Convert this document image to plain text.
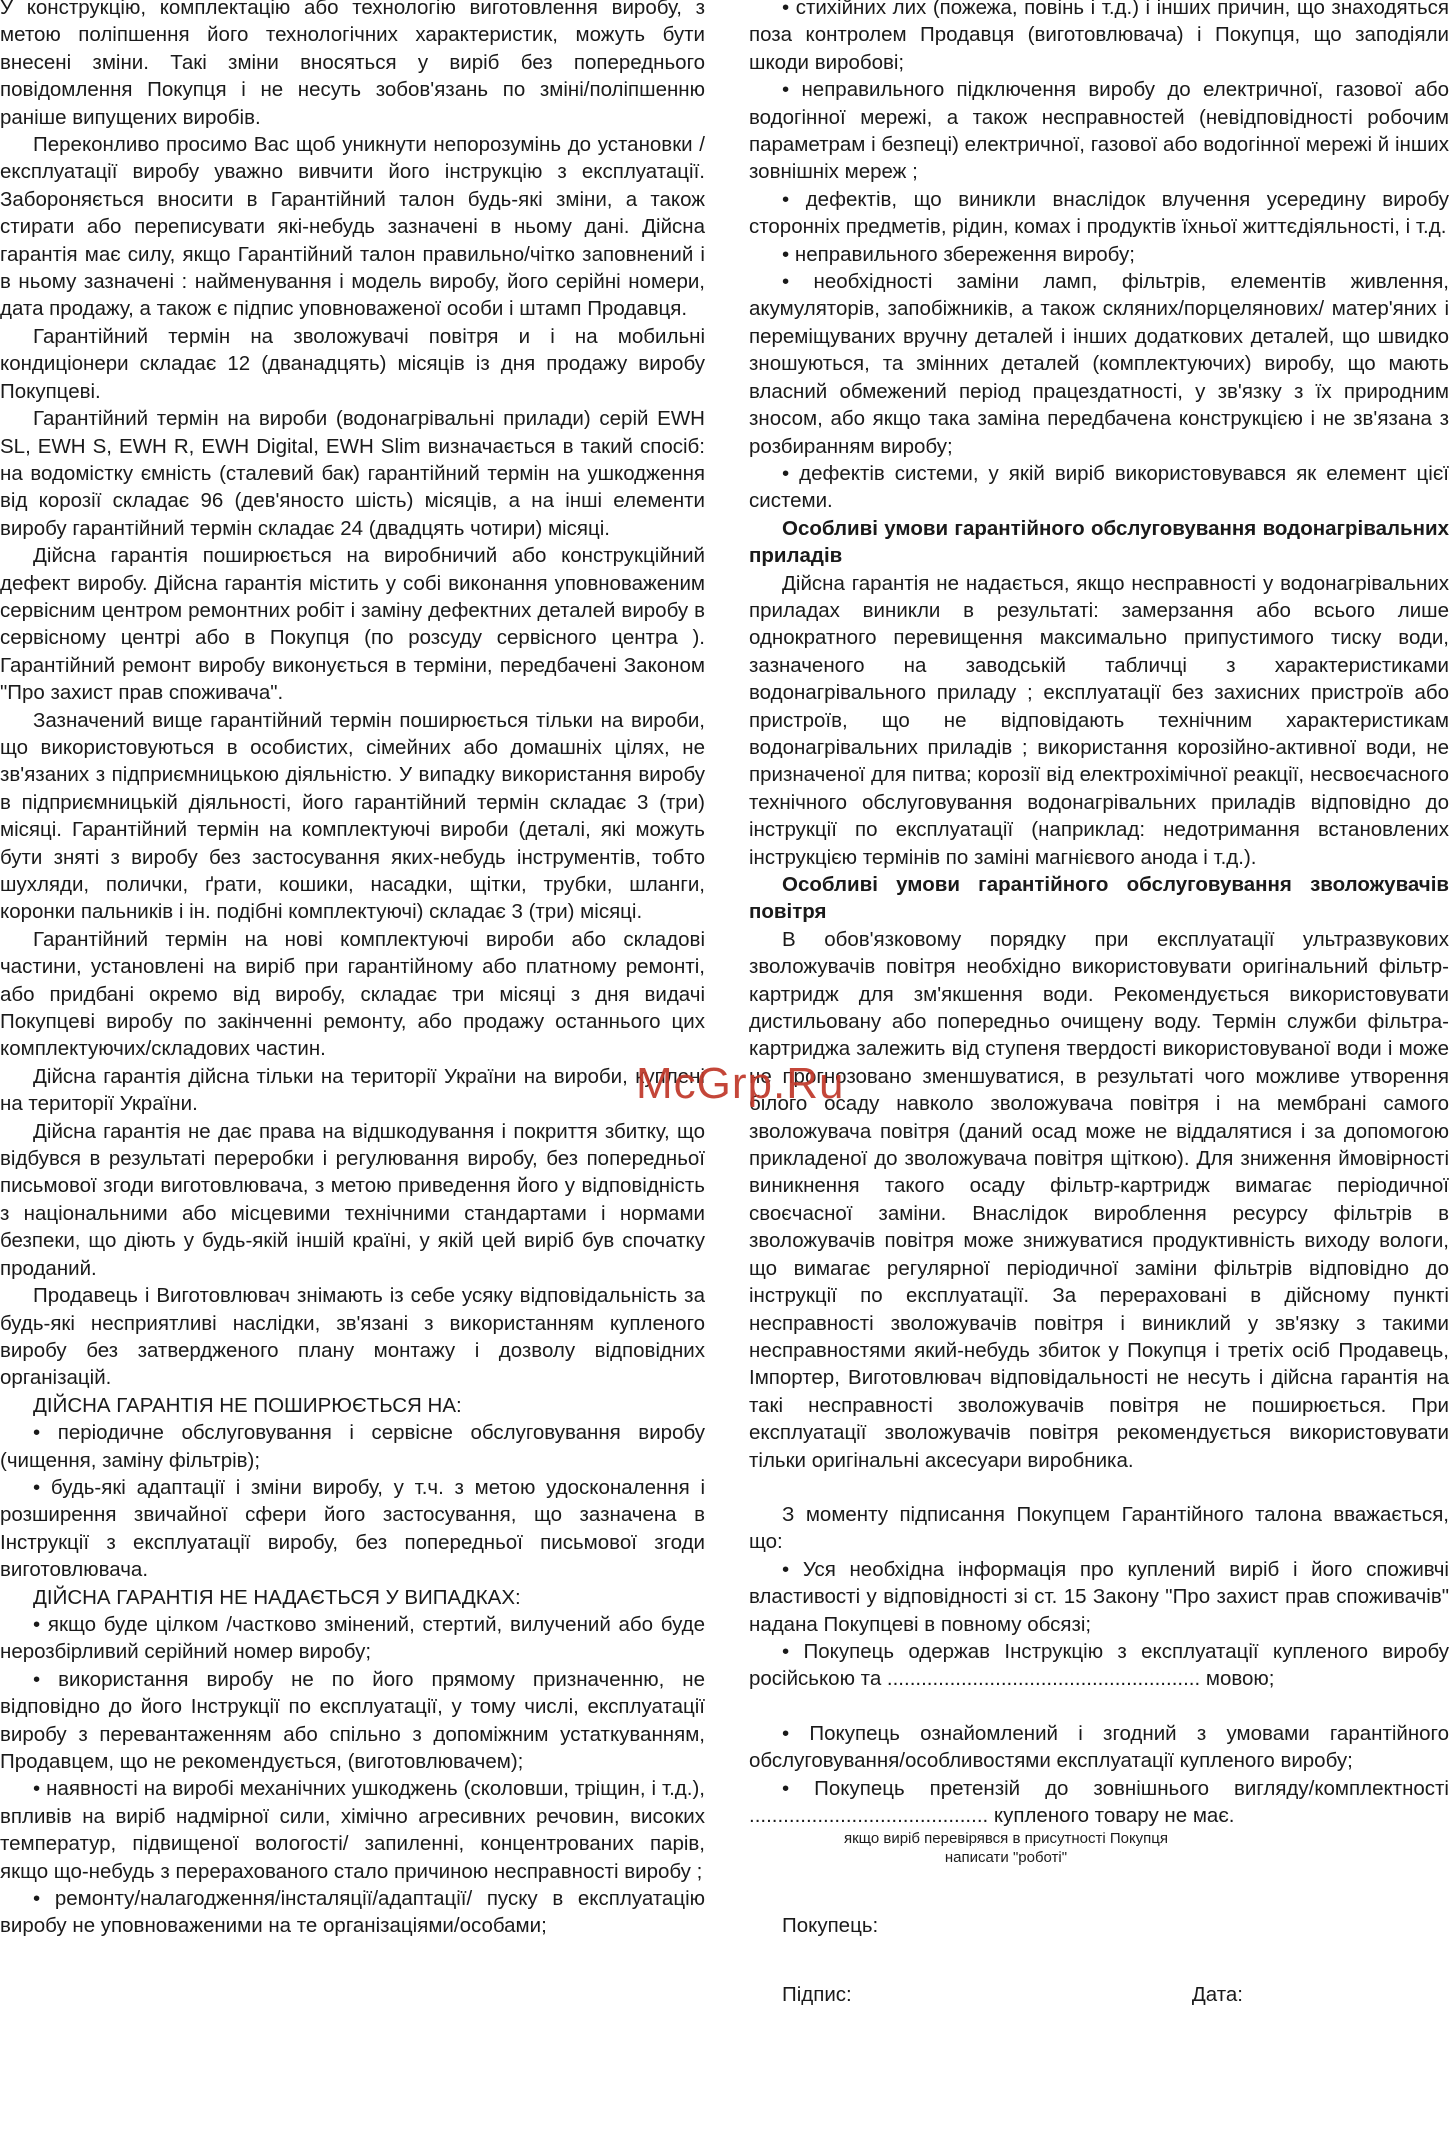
У конструкцію, комплектацію або технологію виготовлення виробу, з метою поліпшення його технологічних характеристик, можуть бути внесені зміни. Такі зміни вносяться у виріб без попереднього повідомлення Покупця і не несуть зобов'язань по зміні/поліпшенню раніше випущених виробів.

Переконливо просимо Вас щоб уникнути непорозумінь до установки /експлуатації виробу уважно вивчити його інструкцію з експлуатації. Забороняється вносити в Гарантійний талон будь-які зміни, а також стирати або переписувати які-небудь зазначені в ньому дані. Дійсна гарантія має силу, якщо Гарантійний талон правильно/чітко заповнений і в ньому зазначені : найменування і модель виробу, його серійні номери, дата продажу, а також є підпис уповноваженої особи і штамп Продавця.

Гарантійний термін на зволожувачі повітря и і на мобильні кондиціонери складає 12 (дванадцять) місяців із дня продажу виробу Покупцеві.

Гарантійний термін на вироби (водонагрівальні прилади) серій EWH SL, EWH S, EWH R, EWH Digital, EWH Slim визначається в такий спосіб: на водомістку ємність (сталевий бак) гарантійний термін на ушкодження від корозії складає 96 (дев'яносто шість) місяців, а на інші елементи виробу гарантійний термін складає 24 (двадцять чотири) місяці.

Дійсна гарантія поширюється на виробничий або конструкційний дефект виробу. Дійсна гарантія містить у собі виконання уповноваженим сервісним центром ремонтних робіт і заміну дефектних деталей виробу в сервісному центрі або в Покупця (по розсуду сервісного центра ). Гарантійний ремонт виробу виконується в терміни, передбачені Законом "Про захист прав споживача".

Зазначений вище гарантійний термін поширюється тільки на вироби, що використовуються в особистих, сімейних або домашніх цілях, не зв'язаних з підприємницькою діяльністю. У випадку використання виробу в підприємницькій діяльності, його гарантійний термін складає 3 (три) місяці. Гарантійний термін на комплектуючі вироби (деталі, які можуть бути зняті з виробу без застосування яких-небудь інструментів, тобто шухляди, полички, ґрати, кошики, насадки, щітки, трубки, шланги, коронки пальників і ін. подібні комплектуючі) складає 3 (три) місяці.

Гарантійний термін на нові комплектуючі вироби або складові частини, установлені на виріб при гарантійному або платному ремонті, або придбані окремо від виробу, складає три місяці з дня видачі Покупцеві виробу по закінченні ремонту, або продажу останнього цих комплектуючих/складових частин.

Дійсна гарантія дійсна тільки на території України на вироби, куплені на території України.

Дійсна гарантія не дає права на відшкодування і покриття збитку, що відбувся в результаті переробки і регулювання виробу, без попередньої письмової згоди виготовлювача, з метою приведення його у відповідність з національними або місцевими технічними стандартами і нормами безпеки, що діють у будь-якій іншій країні, у якій цей виріб був спочатку проданий.

Продавець і Виготовлювач знімають із себе усяку відповідальність за будь-які несприятливі наслідки, зв'язані з використанням купленого виробу без затвердженого плану монтажу і дозволу відповідних організацій.

ДІЙСНА ГАРАНТІЯ НЕ ПОШИРЮЄТЬСЯ НА:

• періодичне обслуговування і сервісне обслуговування виробу (чищення, заміну фільтрів);

• будь-які адаптації і зміни виробу, у т.ч. з метою удосконалення і розширення звичайної сфери його застосування, що зазначена в Інструкції з експлуатації виробу, без попередньої письмової згоди виготовлювача.

ДІЙСНА ГАРАНТІЯ НЕ НАДАЄТЬСЯ У ВИПАДКАХ:

• якщо буде цілком /частково змінений, стертий, вилучений або буде нерозбірливий серійний номер виробу;

• використання виробу не по його прямому призначенню, не відповідно до його Інструкції по експлуатації, у тому числі, експлуатації виробу з перевантаженням або спільно з допоміжним устаткуванням, Продавцем, що не рекомендується, (виготовлювачем);

• наявності на виробі механічних ушкоджень (сколовши, тріщин, і т.д.), впливів на виріб надмірної сили, хімічно агресивних речовин, високих температур, підвищеної вологості/ запиленні, концентрованих парів, якщо що-небудь з перерахованого стало причиною несправності виробу ;

• ремонту/налагодження/інсталяції/адаптації/ пуску в експлуатацію виробу не уповноваженими на те організаціями/особами;

• стихійних лих (пожежа, повінь і т.д.) і інших причин, що знаходяться поза контролем Продавця (виготовлювача) і Покупця, що заподіяли шкоди виробові;

• неправильного підключення виробу до електричної, газової або водогінної мережі, а також несправностей (невідповідності робочим параметрам і безпеці) електричної, газової або водогінної мережі й інших зовнішніх мереж ;

• дефектів, що виникли внаслідок влучення усередину виробу сторонніх предметів, рідин, комах і продуктів їхньої життєдіяльності, і т.д.

• неправильного збереження виробу;

• необхідності заміни ламп, фільтрів, елементів живлення, акумуляторів, запобіжників, а також скляних/порцелянових/ матер'яних і переміщуваних вручну деталей і інших додаткових деталей, що швидко зношуються, та змінних деталей (комплектуючих) виробу, що мають власний обмежений період працездатності, у зв'язку з їх природним зносом, або якщо така заміна передбачена конструкцією і не зв'язана з розбиранням виробу;

• дефектів системи, у якій виріб використовувався як елемент цієї системи.

Особливі умови гарантійного обслуговування водонагрівальних приладів

Дійсна гарантія не надається, якщо несправності у водонагрівальних приладах виникли в результаті: замерзання або всього лише однократного перевищення максимально припустимого тиску води, зазначеного на заводській табличці з характеристиками водонагрівального приладу ; експлуатації без захисних пристроїв або пристроїв, що не відповідають технічним характеристикам водонагрівальних приладів ; використання корозійно-активної води, не призначеної для питва; корозії від електрохімічної реакції, несвоєчасного технічного обслуговування водонагрівальних приладів відповідно до інструкції по експлуатації (наприклад: недотримання встановлених інструкцією термінів по заміні магнієвого анода і т.д.).

Особливі умови гарантійного обслуговування зволожувачів повітря

В обов'язковому порядку при експлуатації ультразвукових зволожувачів повітря необхідно використовувати оригінальний фільтр-картридж для зм'якшення води. Рекомендується використовувати дистильовану або попередньо очищену воду. Термін служби фільтра-картриджа залежить від ступеня твердості використовуваної води і може не прогнозовано зменшуватися, в результаті чого можливе утворення білого осаду навколо зволожувача повітря і на мембрані самого зволожувача повітря (даний осад може не віддалятися і за допомогою прикладеної до зволожувача повітря щіткою). Для зниження ймовірності виникнення такого осаду фільтр-картридж вимагає періодичної своєчасної заміни. Внаслідок вироблення ресурсу фільтрів в зволожувачів повітря може знижуватися продуктивність виходу вологи, що вимагає регулярної періодичної заміни фільтрів відповідно до інструкції по експлуатації. За перераховані в дійсному пункті несправності зволожувачів повітря і виниклий у зв'язку з такими несправностями який-небудь збиток у Покупця і третіх осіб Продавець, Імпортер, Виготовлювач відповідальності не несуть і дійсна гарантія на такі несправності зволожувачів повітря не поширюється. При експлуатації зволожувачів повітря рекомендується використовувати тільки оригінальні аксесуари виробника.

З моменту підписання Покупцем Гарантійного талона вважається, що:

• Уся необхідна інформація про куплений виріб і його споживчі властивості у відповідності зі ст. 15 Закону "Про захист прав споживачів" надана Покупцеві в повному обсязі;

• Покупець одержав Інструкцію з експлуатації купленого виробу російською та ....................................................... мовою;

• Покупець ознайомлений і згодний з умовами гарантійного обслуговування/особливостями експлуатації купленого виробу;

• Покупець претензій до зовнішнього вигляду/комплектності .......................................... купленого товару не має.

якщо виріб перевірявся в присутності Покупця написати "роботі"

Покупець:

Підпис:	Дата:
McGrp.Ru
